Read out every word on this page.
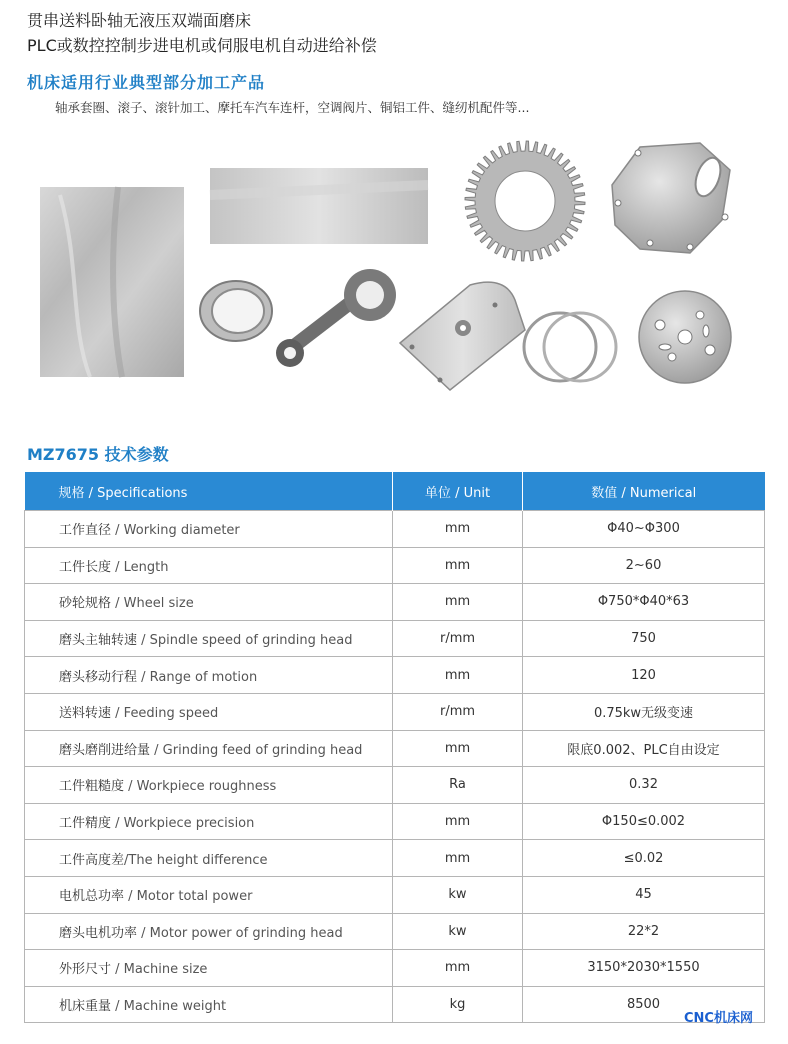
贯串送料卧轴无液压双端面磨床
PLC或数控控制步进电机或伺服电机自动进给补偿
机床适用行业典型部分加工产品
轴承套圈、滚子、滚针加工、摩托车汽车连杆，空调阀片、铜铝工件、缝纫机配件等...
MZ7675 技术参数
规格 / Specifications	单位 / Unit	数值 / Numerical
工作直径 / Working diameter	mm	Φ40~Φ300
工件长度 / Length	mm	2~60
砂轮规格 / Wheel size	mm	Φ750*Φ40*63
磨头主轴转速 / Spindle speed of grinding head	r/mm	750
磨头移动行程 / Range of motion	mm	120
送料转速 / Feeding speed	r/mm	0.75kw无级变速
磨头磨削进给量 / Grinding feed of grinding head	mm	限底0.002、PLC自由设定
工件粗糙度 / Workpiece roughness	Ra	0.32
工件精度 / Workpiece precision	mm	Φ150≤0.002
工件高度差/The height difference	mm	≤0.02
电机总功率 / Motor total power	kw	45
磨头电机功率 / Motor power of grinding head	kw	22*2
外形尺寸 / Machine size	mm	3150*2030*1550
机床重量 / Machine weight	kg	8500
CNC机床网
